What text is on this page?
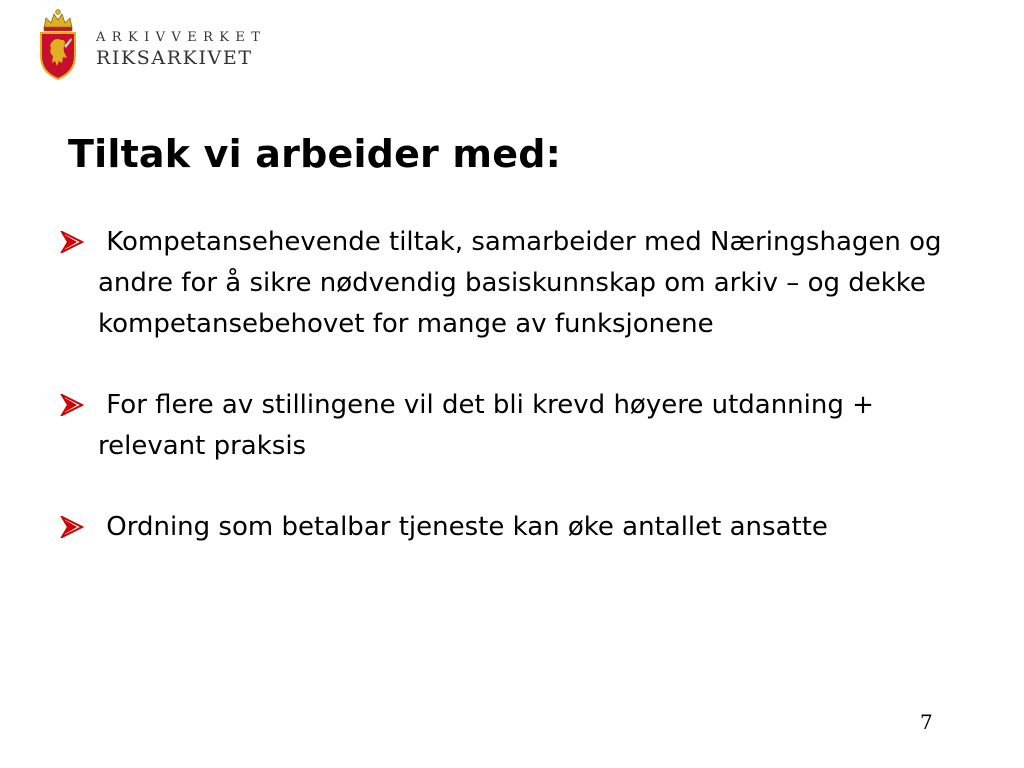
ARKIVVERKET
RIKSARKIVET
Tiltak vi arbeider med:
Kompetansehevende tiltak, samarbeider med Næringshagen og andre for å sikre nødvendig basiskunnskap om arkiv – og dekke kompetansebehovet for mange av funksjonene
For flere av stillingene vil det bli krevd høyere utdanning + relevant praksis
Ordning som betalbar tjeneste kan øke antallet ansatte
7
